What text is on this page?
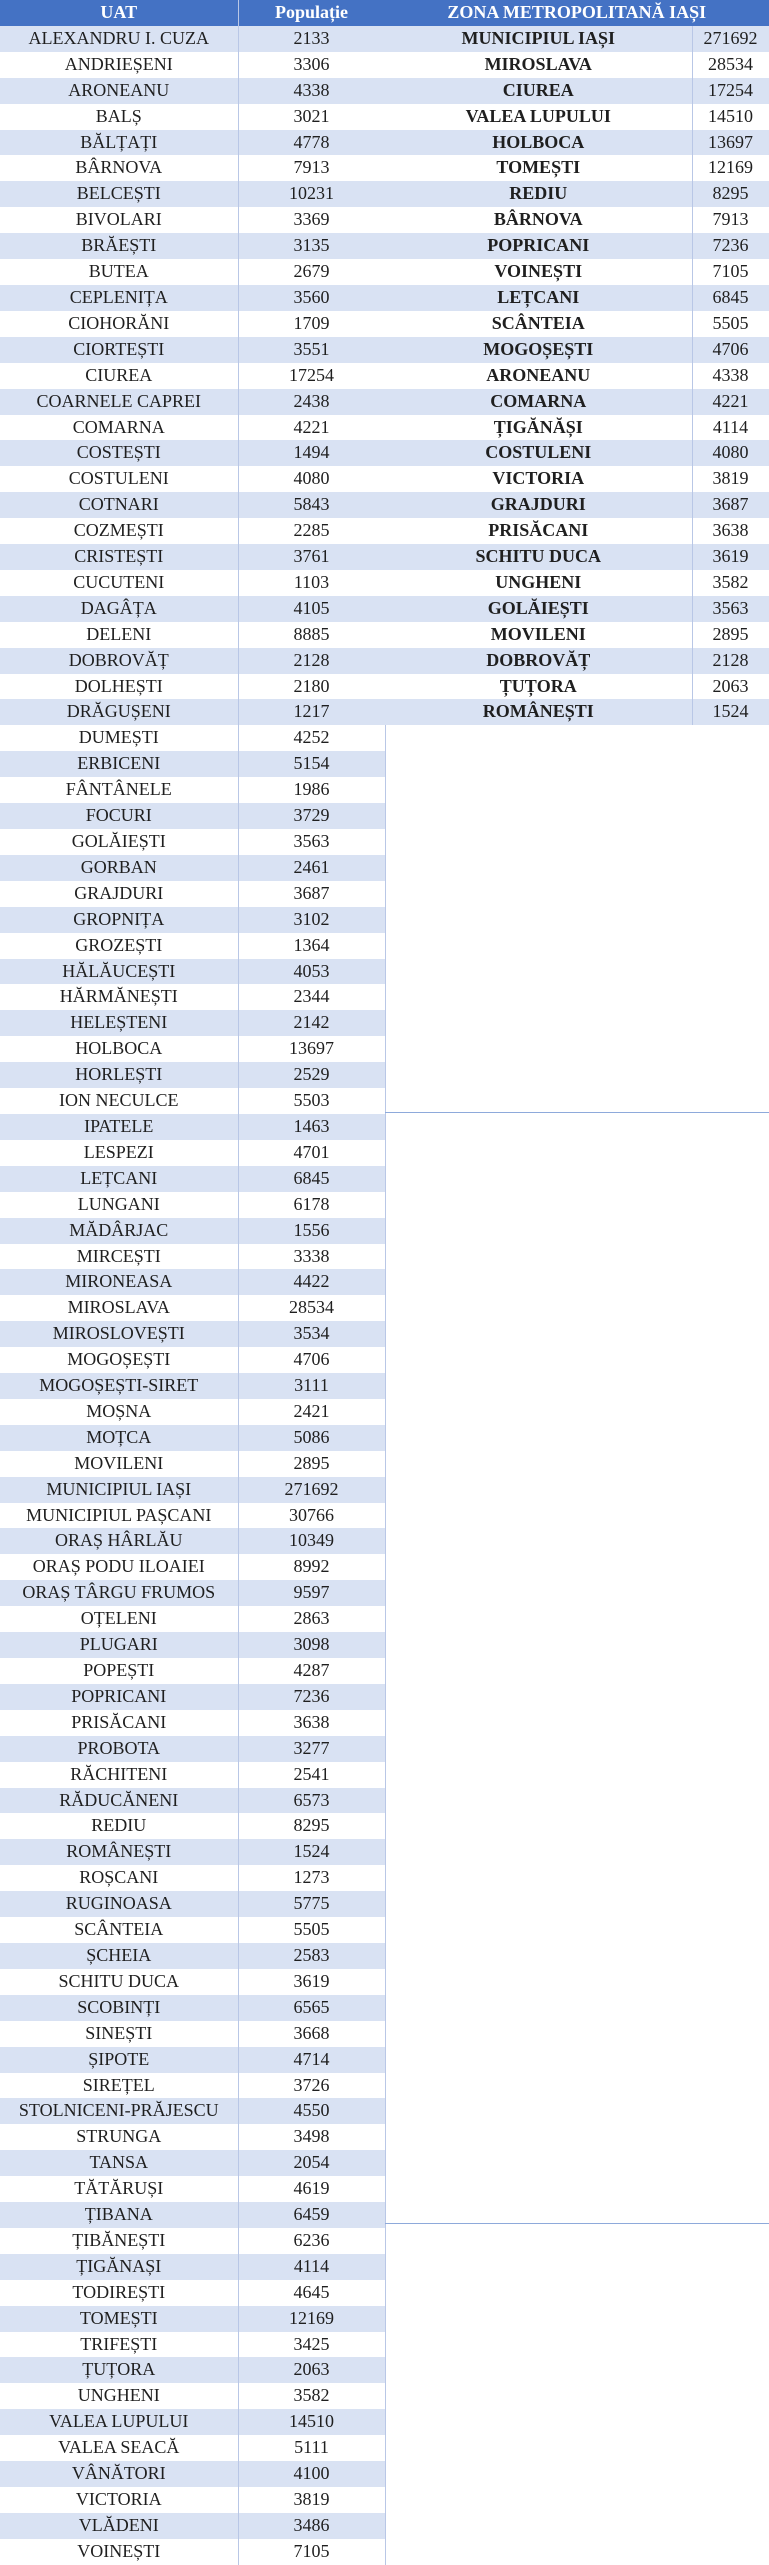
UAT	Populație
ALEXANDRU I. CUZA	2133
ANDRIEȘENI	3306
ARONEANU	4338
BALȘ	3021
BĂLȚAȚI	4778
BÂRNOVA	7913
BELCEȘTI	10231
BIVOLARI	3369
BRĂEȘTI	3135
BUTEA	2679
CEPLENIȚA	3560
CIOHORĂNI	1709
CIORTEȘTI	3551
CIUREA	17254
COARNELE CAPREI	2438
COMARNA	4221
COSTEȘTI	1494
COSTULENI	4080
COTNARI	5843
COZMEȘTI	2285
CRISTEȘTI	3761
CUCUTENI	1103
DAGÂȚA	4105
DELENI	8885
DOBROVĂȚ	2128
DOLHEȘTI	2180
DRĂGUȘENI	1217
DUMEȘTI	4252
ERBICENI	5154
FÂNTÂNELE	1986
FOCURI	3729
GOLĂIEȘTI	3563
GORBAN	2461
GRAJDURI	3687
GROPNIȚA	3102
GROZEȘTI	1364
HĂLĂUCEȘTI	4053
HĂRMĂNEȘTI	2344
HELEȘTENI	2142
HOLBOCA	13697
HORLEȘTI	2529
ION NECULCE	5503
IPATELE	1463
LESPEZI	4701
LEȚCANI	6845
LUNGANI	6178
MĂDÂRJAC	1556
MIRCEȘTI	3338
MIRONEASA	4422
MIROSLAVA	28534
MIROSLOVEȘTI	3534
MOGOȘEȘTI	4706
MOGOȘEȘTI-SIRET	3111
MOȘNA	2421
MOȚCA	5086
MOVILENI	2895
MUNICIPIUL IAȘI	271692
MUNICIPIUL PAȘCANI	30766
ORAȘ HÂRLĂU	10349
ORAȘ PODU ILOAIEI	8992
ORAȘ TÂRGU FRUMOS	9597
OȚELENI	2863
PLUGARI	3098
POPEȘTI	4287
POPRICANI	7236
PRISĂCANI	3638
PROBOTA	3277
RĂCHITENI	2541
RĂDUCĂNENI	6573
REDIU	8295
ROMÂNEȘTI	1524
ROȘCANI	1273
RUGINOASA	5775
SCÂNTEIA	5505
ȘCHEIA	2583
SCHITU DUCA	3619
SCOBINȚI	6565
SINEȘTI	3668
ȘIPOTE	4714
SIREȚEL	3726
STOLNICENI-PRĂJESCU	4550
STRUNGA	3498
TANSA	2054
TĂTĂRUȘI	4619
ȚIBANA	6459
ȚIBĂNEȘTI	6236
ȚIGĂNAȘI	4114
TODIREȘTI	4645
TOMEȘTI	12169
TRIFEȘTI	3425
ȚUȚORA	2063
UNGHENI	3582
VALEA LUPULUI	14510
VALEA SEACĂ	5111
VÂNĂTORI	4100
VICTORIA	3819
VLĂDENI	3486
VOINEȘTI	7105
ZONA METROPOLITANĂ IAȘI	
MUNICIPIUL IAȘI	271692
MIROSLAVA	28534
CIUREA	17254
VALEA LUPULUI	14510
HOLBOCA	13697
TOMEȘTI	12169
REDIU	8295
BÂRNOVA	7913
POPRICANI	7236
VOINEȘTI	7105
LEȚCANI	6845
SCÂNTEIA	5505
MOGOȘEȘTI	4706
ARONEANU	4338
COMARNA	4221
ȚIGĂNĂȘI	4114
COSTULENI	4080
VICTORIA	3819
GRAJDURI	3687
PRISĂCANI	3638
SCHITU DUCA	3619
UNGHENI	3582
GOLĂIEȘTI	3563
MOVILENI	2895
DOBROVĂȚ	2128
ȚUȚORA	2063
ROMÂNEȘTI	1524
